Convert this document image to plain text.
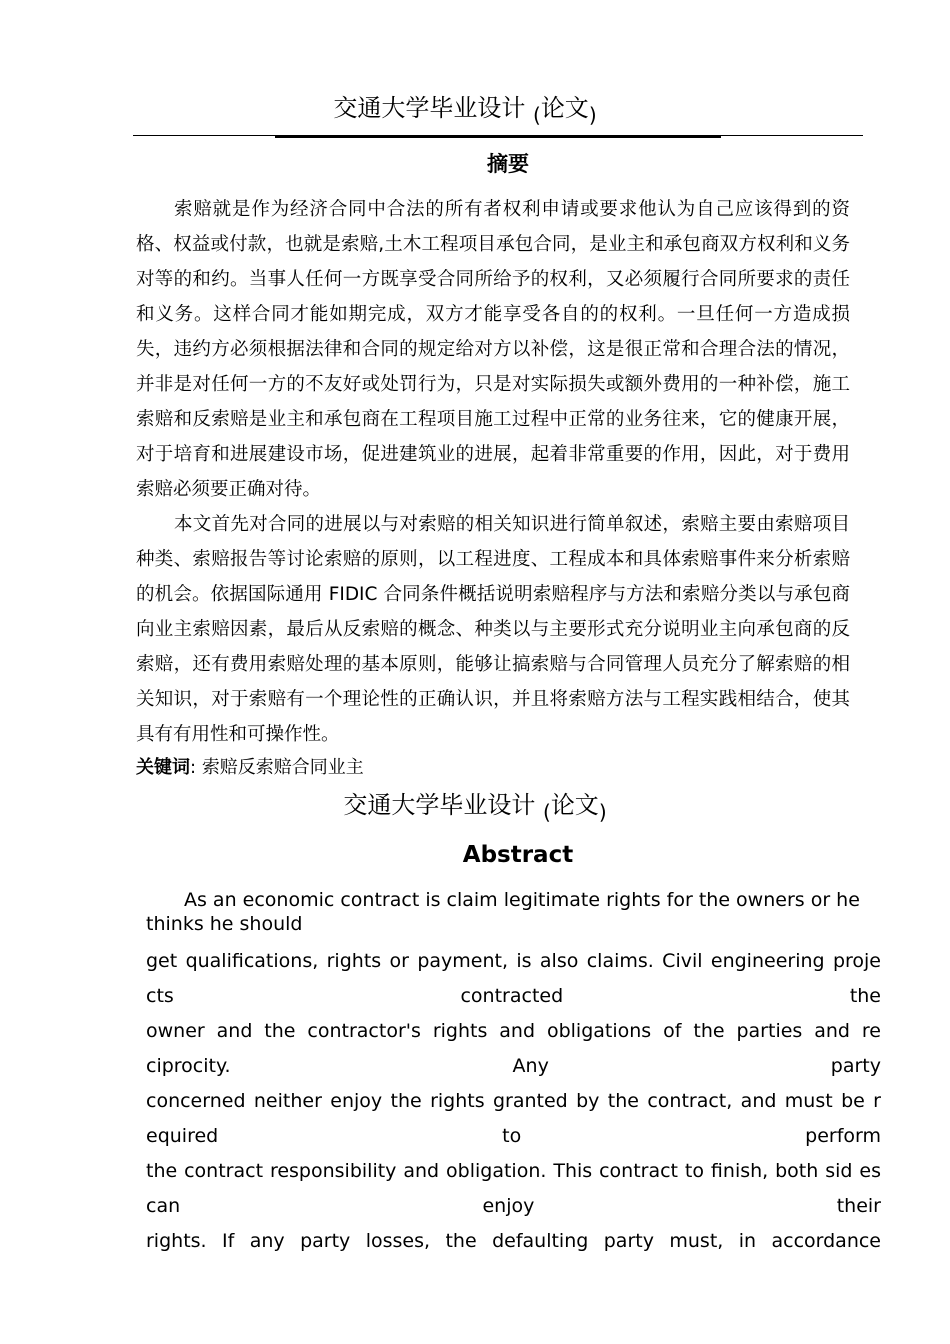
交通大学毕业设计 $_($论文$_)$
摘要

索赔就是作为经济合同中合法的所有者权利申请或要求他认为自己应该得到的资格、权益或付款，也就是索赔,土木工程项目承包合同，是业主和承包商双方权利和义务对等的和约。当事人任何一方既享受合同所给予的权利，又必须履行合同所要求的责任和义务。这样合同才能如期完成，双方才能享受各自的的权利。一旦任何一方造成损失，违约方必须根据法律和合同的规定给对方以补偿，这是很正常和合理合法的情况，并非是对任何一方的不友好或处罚行为，只是对实际损失或额外费用的一种补偿，施工索赔和反索赔是业主和承包商在工程项目施工过程中正常的业务往来，它的健康开展，对于培育和进展建设市场，促进建筑业的进展，起着非常重要的作用，因此，对于费用索赔必须要正确对待。

本文首先对合同的进展以与对索赔的相关知识进行简单叙述，索赔主要由索赔项目种类、索赔报告等讨论索赔的原则，以工程进度、工程成本和具体索赔事件来分析索赔的机会。依据国际通用 FIDIC 合同条件概括说明索赔程序与方法和索赔分类以与承包商向业主索赔因素，最后从反索赔的概念、种类以与主要形式充分说明业主向承包商的反索赔，还有费用索赔处理的基本原则，能够让搞索赔与合同管理人员充分了解索赔的相关知识，对于索赔有一个理论性的正确认识，并且将索赔方法与工程实践相结合，使其具有有用性和可操作性。

关键词: 索赔反索赔合同业主
交通大学毕业设计 $_($论文$_)$
Abstract
As an economic contract is claim legitimate rights for the owners or he thinks he should
get qualifications, rights or payment, is also claims. Civil engineering proje cts contracted the
owner and the contractor's rights and obligations of the parties and re ciprocity. Any party
concerned neither enjoy the rights granted by the contract, and must be r equired to perform
the contract responsibility and obligation. This contract to finish, both sid es can enjoy their
rights. If any party losses, the defaulting party must, in accordance
